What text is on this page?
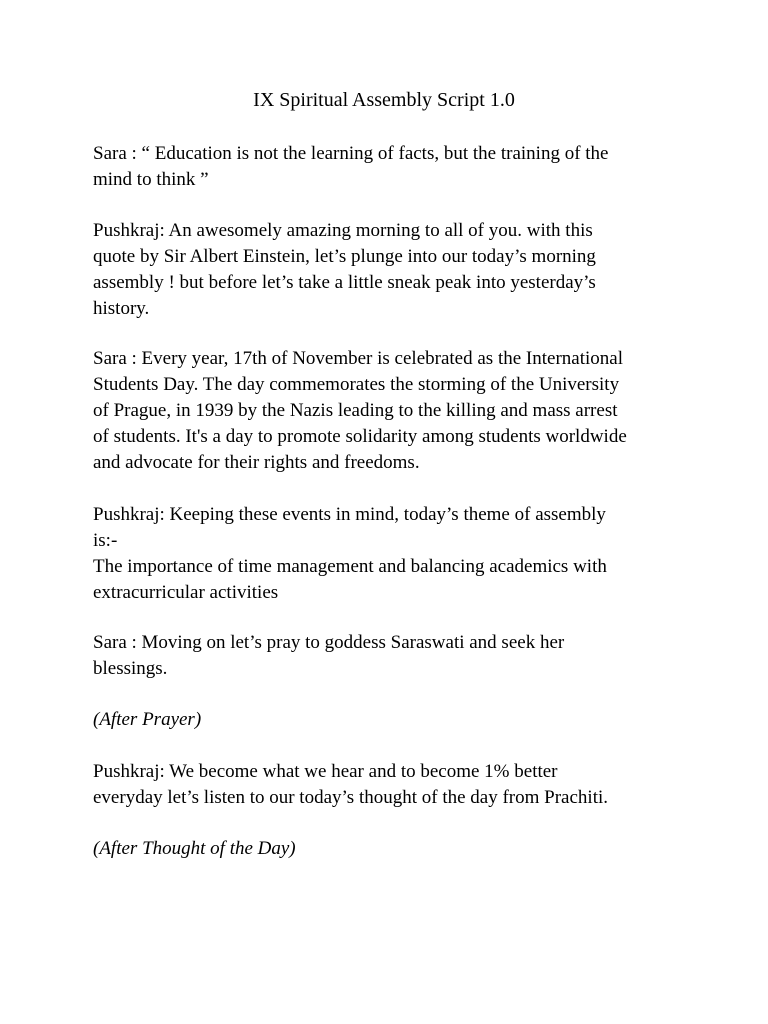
IX Spiritual Assembly Script 1.0

Sara : “ Education is not the learning of facts, but the training of the
mind to think ”

Pushkraj: An awesomely amazing morning to all of you. with this
quote by Sir Albert Einstein, let’s plunge into our today’s morning
assembly ! but before let’s take a little sneak peak into yesterday’s
history.

Sara : Every year, 17th of November is celebrated as the International
Students Day. The day commemorates the storming of the University
of Prague, in 1939 by the Nazis leading to the killing and mass arrest
of students. It's a day to promote solidarity among students worldwide
and advocate for their rights and freedoms.

Pushkraj: Keeping these events in mind, today’s theme of assembly
is:-
The importance of time management and balancing academics with
extracurricular activities

Sara : Moving on let’s pray to goddess Saraswati and seek her
blessings.

(After Prayer)

Pushkraj: We become what we hear and to become 1% better
everyday let’s listen to our today’s thought of the day from Prachiti.

(After Thought of the Day)
